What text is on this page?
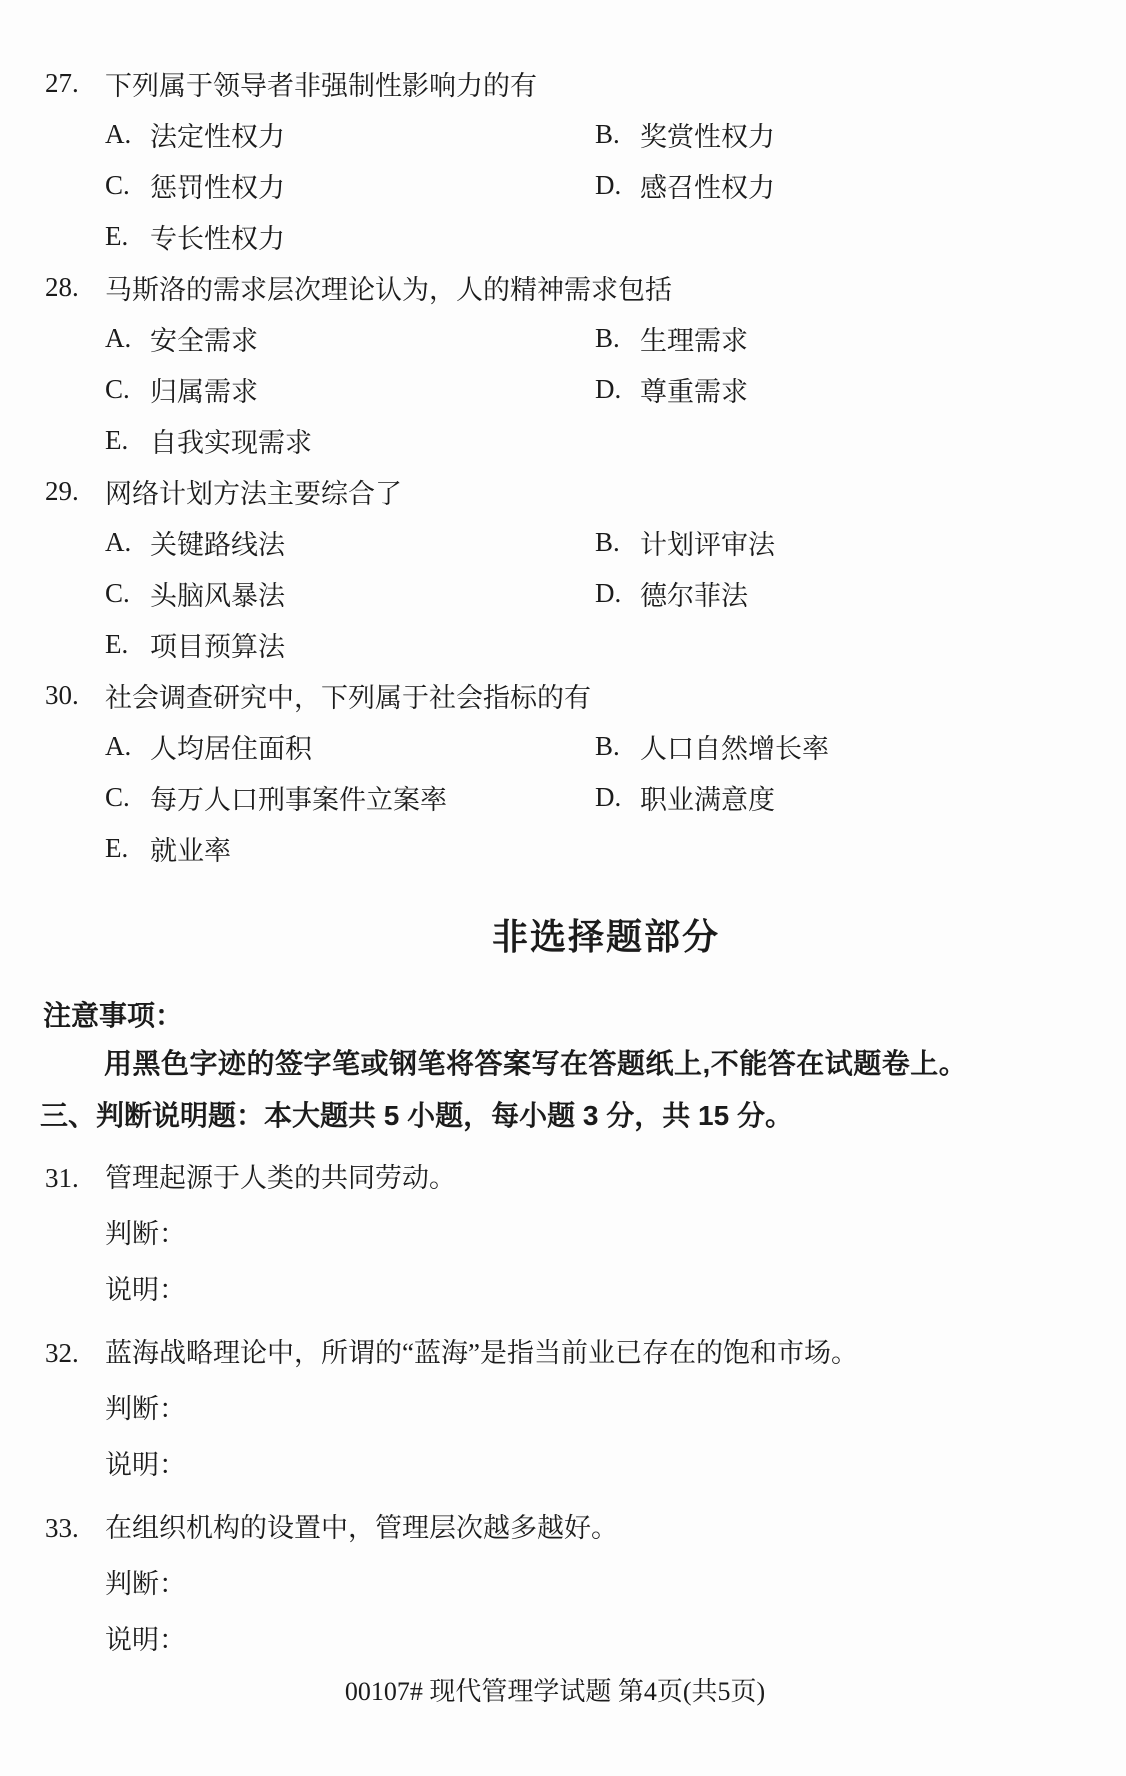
27. 下列属于领导者非强制性影响力的有
A. 法定性权力	B. 奖赏性权力
C. 惩罚性权力	D. 感召性权力
E. 专长性权力
28. 马斯洛的需求层次理论认为，人的精神需求包括
A. 安全需求	B. 生理需求
C. 归属需求	D. 尊重需求
E. 自我实现需求
29. 网络计划方法主要综合了
A. 关键路线法	B. 计划评审法
C. 头脑风暴法	D. 德尔菲法
E. 项目预算法
30. 社会调查研究中，下列属于社会指标的有
A. 人均居住面积	B. 人口自然增长率
C. 每万人口刑事案件立案率	D. 职业满意度
E. 就业率
非选择题部分
注意事项：
用黑色字迹的签字笔或钢笔将答案写在答题纸上,不能答在试题卷上。
三、判断说明题：本大题共 5 小题，每小题 3 分，共 15 分。
31. 管理起源于人类的共同劳动。
判断：
说明：
32. 蓝海战略理论中，所谓的“蓝海”是指当前业已存在的饱和市场。
判断：
说明：
33. 在组织机构的设置中，管理层次越多越好。
判断：
说明：
00107# 现代管理学试题 第4页(共5页)
